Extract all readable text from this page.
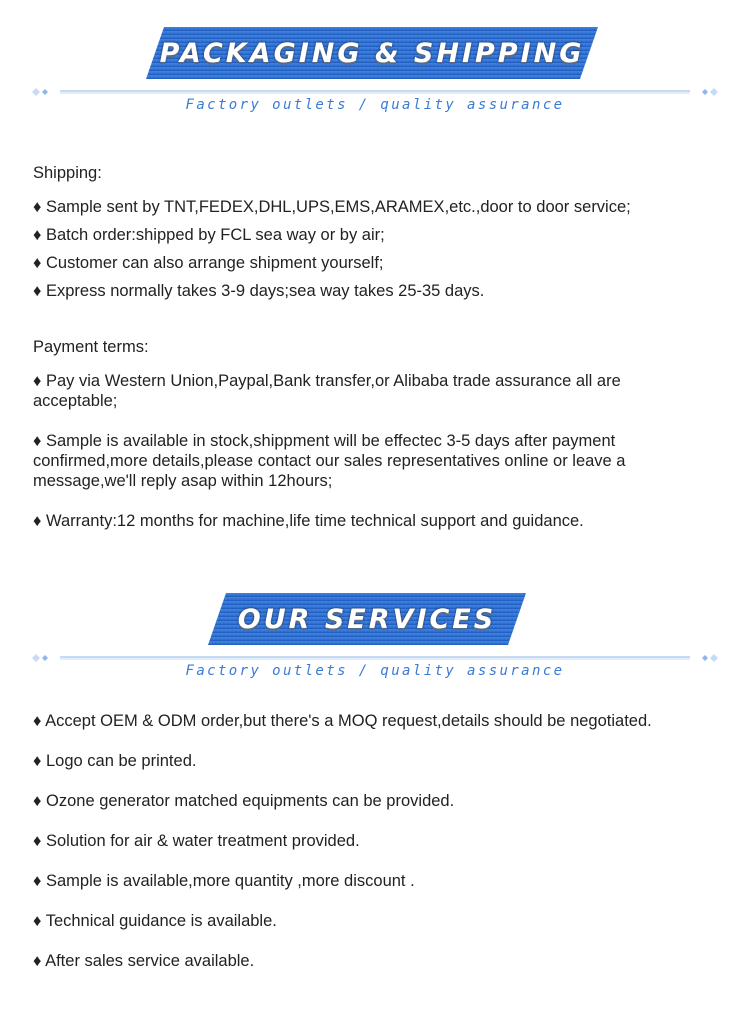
PACKAGING & SHIPPING
Factory outlets / quality assurance
Shipping:
♦ Sample sent by TNT,FEDEX,DHL,UPS,EMS,ARAMEX,etc.,door to door service;
♦ Batch order:shipped by FCL sea way or by air;
♦ Customer can also arrange shipment yourself;
♦ Express normally takes 3-9 days;sea way takes 25-35 days.
Payment terms:
♦ Pay via Western Union,Paypal,Bank transfer,or Alibaba trade assurance all are acceptable;
♦ Sample is available in stock,shippment will be effectec 3-5 days after payment confirmed,more details,please contact our sales representatives online or leave a message,we'll reply asap within 12hours;
♦ Warranty:12 months for machine,life time technical support and guidance.
OUR SERVICES
Factory outlets / quality assurance
♦ Accept OEM & ODM order,but there's a MOQ request,details should be negotiated.
♦ Logo can be printed.
♦ Ozone generator matched equipments can be provided.
♦ Solution for air & water treatment provided.
♦ Sample is available,more quantity ,more discount .
♦ Technical guidance is available.
♦ After sales service available.
